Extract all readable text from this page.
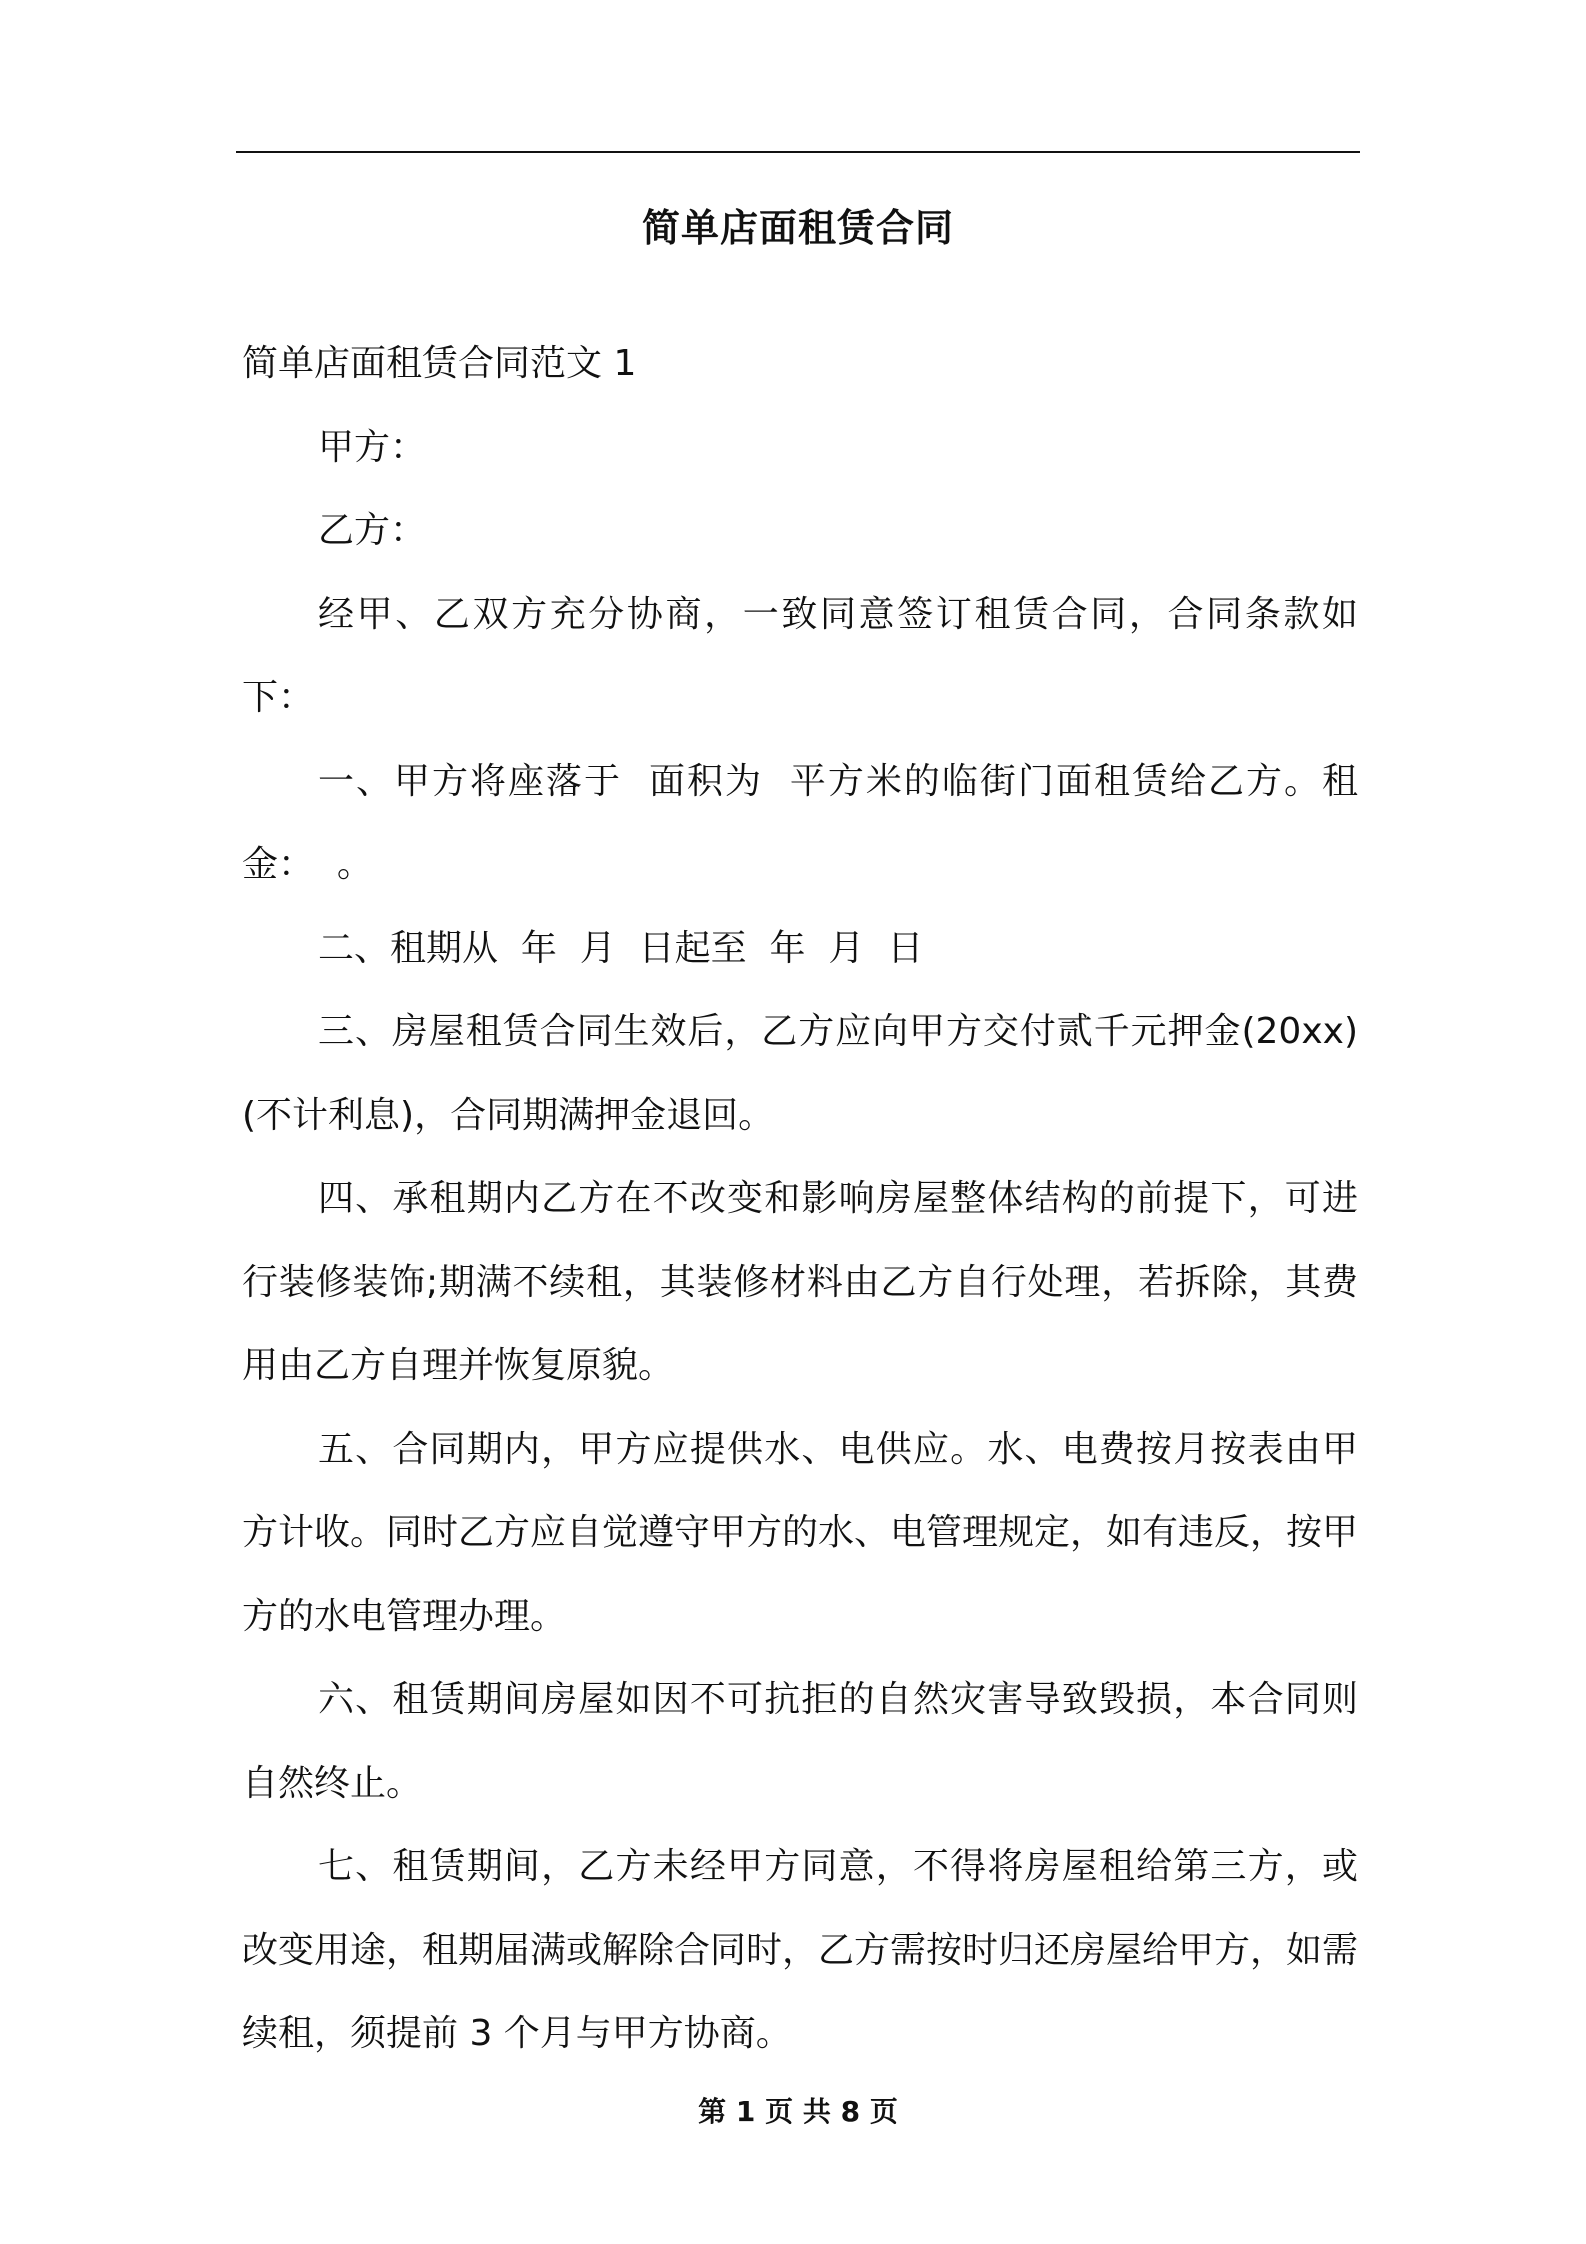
简单店面租赁合同

简单店面租赁合同范文 1

甲方：

乙方：

经甲、乙双方充分协商，一致同意签订租赁合同，合同条款如下：

一、甲方将座落于  面积为  平方米的临街门面租赁给乙方。租金：  。

二、租期从  年  月  日起至  年  月  日

三、房屋租赁合同生效后，乙方应向甲方交付贰千元押金(20xx)(不计利息)，合同期满押金退回。

四、承租期内乙方在不改变和影响房屋整体结构的前提下，可进行装修装饰;期满不续租，其装修材料由乙方自行处理，若拆除，其费用由乙方自理并恢复原貌。

五、合同期内，甲方应提供水、电供应。水、电费按月按表由甲方计收。同时乙方应自觉遵守甲方的水、电管理规定，如有违反，按甲方的水电管理办理。

六、租赁期间房屋如因不可抗拒的自然灾害导致毁损，本合同则自然终止。

七、租赁期间，乙方未经甲方同意，不得将房屋租给第三方，或改变用途，租期届满或解除合同时，乙方需按时归还房屋给甲方，如需续租，须提前 3 个月与甲方协商。

第 1 页 共 8 页
